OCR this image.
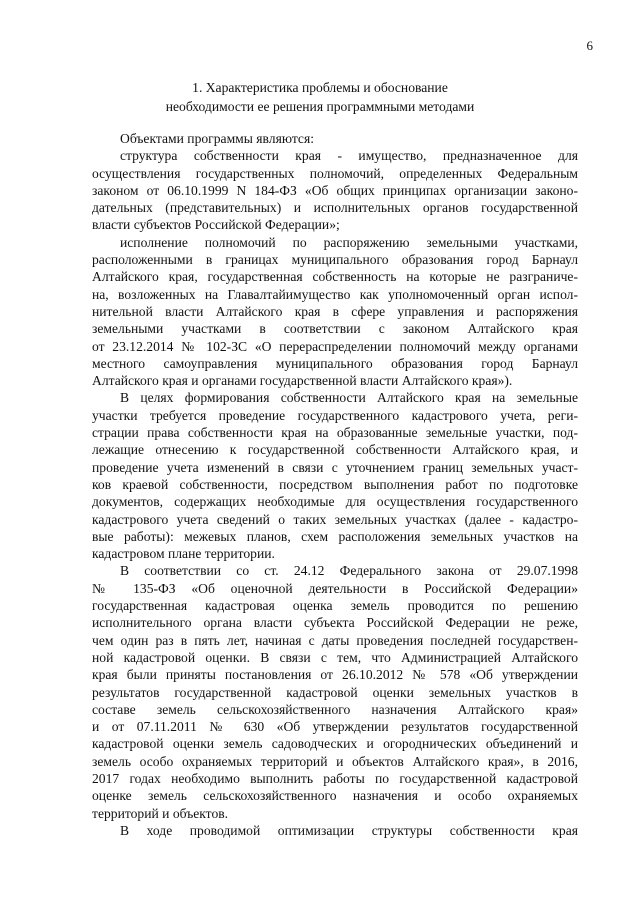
6
1. Характеристика проблемы и обоснование
необходимости ее решения программными методами
Объектами программы являются:
структура собственности края - имущество, предназначенное для
осуществления государственных полномочий, определенных Федеральным
законом от 06.10.1999 N 184-ФЗ «Об общих принципах организации законо-
дательных (представительных) и исполнительных органов государственной
власти субъектов Российской Федерации»;
исполнение полномочий по распоряжению земельными участками,
расположенными в границах муниципального образования город Барнаул
Алтайского края, государственная собственность на которые не разграниче-
на, возложенных на Главалтайимущество как уполномоченный орган испол-
нительной власти Алтайского края в сфере управления и распоряжения
земельными участками в соответствии с законом Алтайского края
от 23.12.2014 № 102-ЗС «О перераспределении полномочий между органами
местного самоуправления муниципального образования город Барнаул
Алтайского края и органами государственной власти Алтайского края»).
В целях формирования собственности Алтайского края на земельные
участки требуется проведение государственного кадастрового учета, реги-
страции права собственности края на образованные земельные участки, под-
лежащие отнесению к государственной собственности Алтайского края, и
проведение учета изменений в связи с уточнением границ земельных участ-
ков краевой собственности, посредством выполнения работ по подготовке
документов, содержащих необходимые для осуществления государственного
кадастрового учета сведений о таких земельных участках (далее - кадастро-
вые работы): межевых планов, схем расположения земельных участков на
кадастровом плане территории.
В соответствии со ст. 24.12 Федерального закона от 29.07.1998
№ 135-ФЗ «Об оценочной деятельности в Российской Федерации»
государственная кадастровая оценка земель проводится по решению
исполнительного органа власти субъекта Российской Федерации не реже,
чем один раз в пять лет, начиная с даты проведения последней государствен-
ной кадастровой оценки. В связи с тем, что Администрацией Алтайского
края были приняты постановления от 26.10.2012 № 578 «Об утверждении
результатов государственной кадастровой оценки земельных участков в
составе земель сельскохозяйственного назначения Алтайского края»
и от 07.11.2011 № 630 «Об утверждении результатов государственной
кадастровой оценки земель садоводческих и огороднических объединений и
земель особо охраняемых территорий и объектов Алтайского края», в 2016,
2017 годах необходимо выполнить работы по государственной кадастровой
оценке земель сельскохозяйственного назначения и особо охраняемых
территорий и объектов.
В ходе проводимой оптимизации структуры собственности края
